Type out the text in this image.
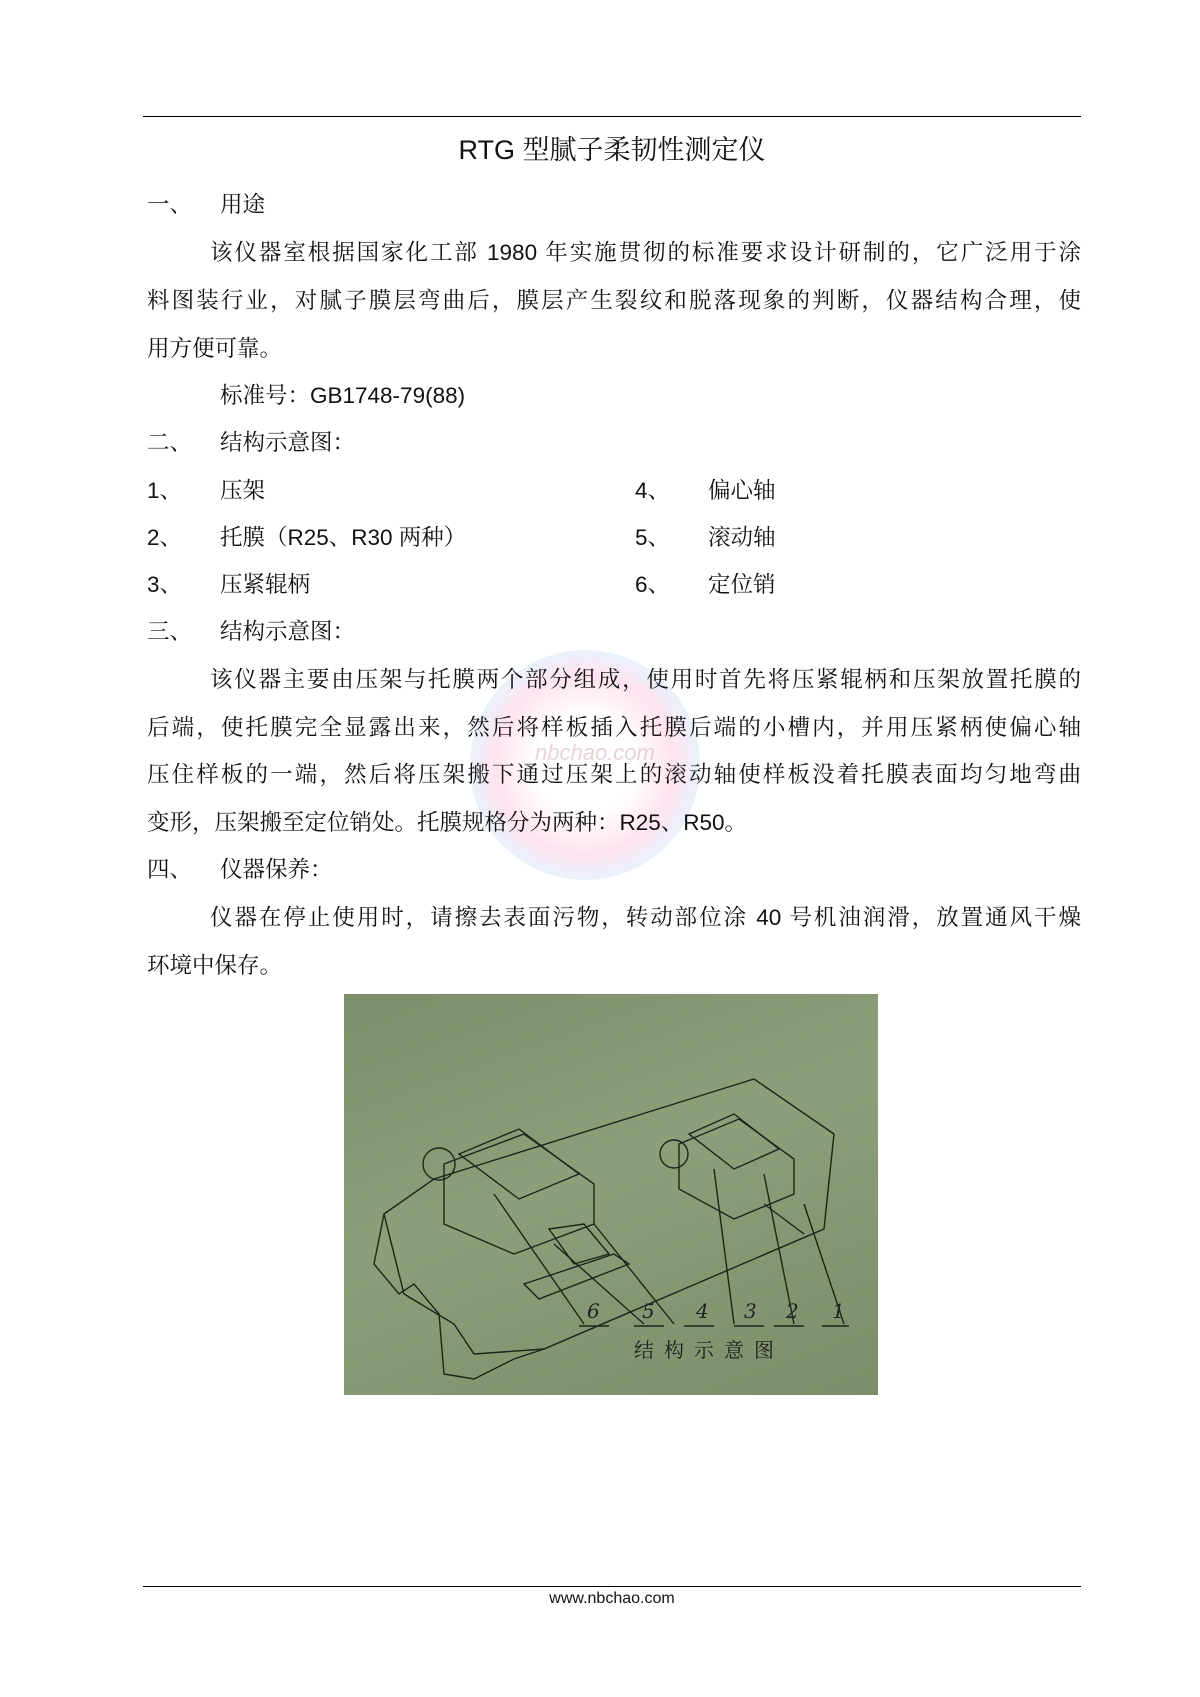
RTG 型腻子柔韧性测定仪
nbchao.com
一、 用途
该仪器室根据国家化工部 1980 年实施贯彻的标准要求设计研制的，它广泛用于涂
料图装行业，对腻子膜层弯曲后，膜层产生裂纹和脱落现象的判断，仪器结构合理，使
用方便可靠。
标准号：GB1748-79(88)
二、 结构示意图：
1、 压架	4、 偏心轴
2、 托膜（R25、R30 两种）	5、 滚动轴
3、 压紧辊柄	6、 定位销
三、 结构示意图：
该仪器主要由压架与托膜两个部分组成，使用时首先将压紧辊柄和压架放置托膜的
后端，使托膜完全显露出来，然后将样板插入托膜后端的小槽内，并用压紧柄使偏心轴
压住样板的一端，然后将压架搬下通过压架上的滚动轴使样板没着托膜表面均匀地弯曲
变形，压架搬至定位销处。托膜规格分为两种：R25、R50。
四、 仪器保养：
仪器在停止使用时，请擦去表面污物，转动部位涂 40 号机油润滑，放置通风干燥
环境中保存。
6 5 4 3 2 1
结构示意图
www.nbchao.com
